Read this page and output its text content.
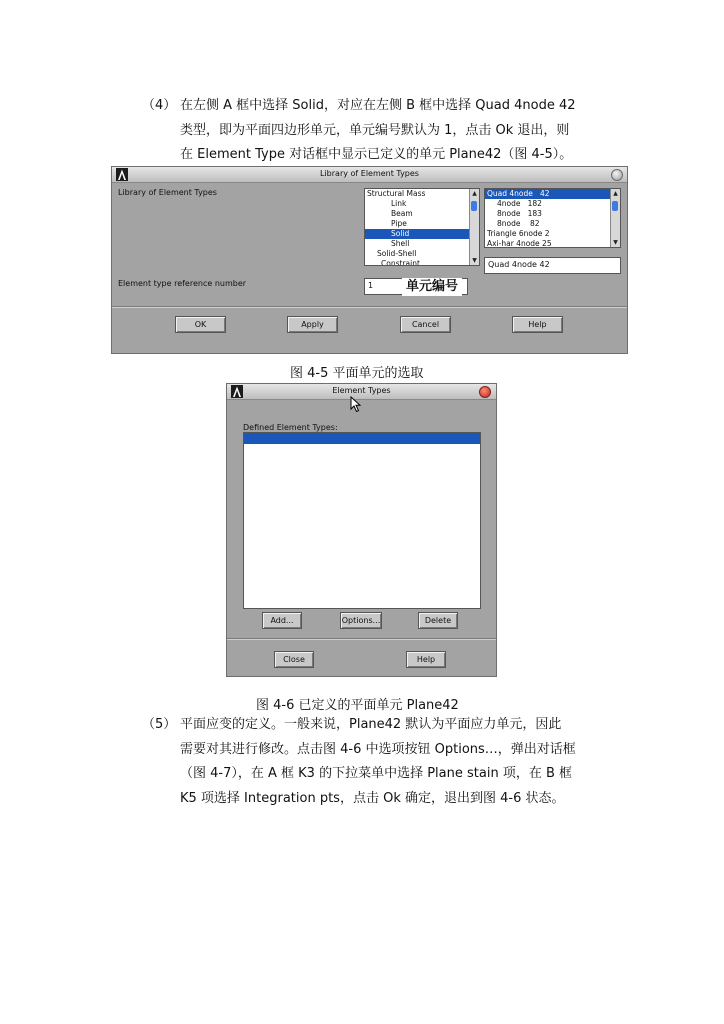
（4） 在左侧 A 框中选择 Solid，对应在左侧 B 框中选择 Quad 4node 42
类型，即为平面四边形单元，单元编号默认为 1，点击 Ok 退出，则
在 Element Type 对话框中显示已定义的单元 Plane42（图 4-5）。
Library of Element Types
Library of Element Types	Structural Mass
Link
Beam
Pipe
Solid
Shell
Solid-Shell
Constraint
▲
▼
Quad 4node   42
4node   182
8node   183
8node    82
Triangle 6node 2
Axi-har 4node 25
▲
▼
Quad 4node 42
Element type reference number	1	单元编号
OK	Apply	Cancel	Help
图 4-5 平面单元的选取
Element Types
Defined Element Types:

Type

1

PLANE42

Add...	Options...	Delete
Close	Help
图 4-6 已定义的平面单元 Plane42
（5） 平面应变的定义。一般来说，Plane42 默认为平面应力单元，因此
需要对其进行修改。点击图 4-6 中选项按钮 Options…，弹出对话框
（图 4-7），在 A 框 K3 的下拉菜单中选择 Plane stain 项，在 B 框
K5 项选择 Integration pts，点击 Ok 确定，退出到图 4-6 状态。
